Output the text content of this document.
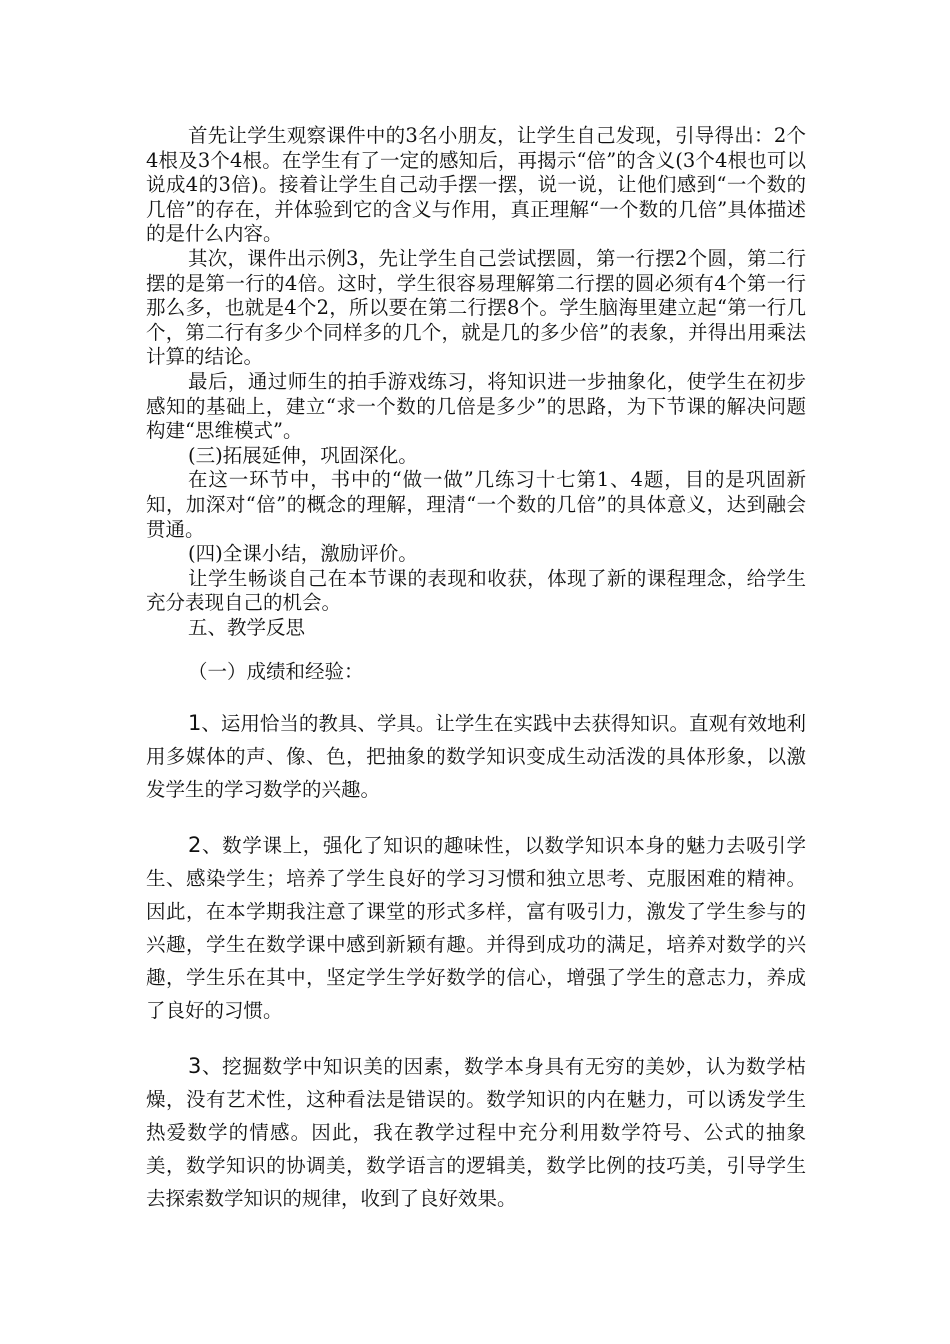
首先让学生观察课件中的3名小朋友，让学生自己发现，引导得出：2个4根及3个4根。在学生有了一定的感知后，再揭示“倍”的含义(3个4根也可以说成4的3倍)。接着让学生自己动手摆一摆，说一说，让他们感到“一个数的几倍”的存在，并体验到它的含义与作用，真正理解“一个数的几倍”具体描述的是什么内容。

其次，课件出示例3，先让学生自己尝试摆圆，第一行摆2个圆，第二行摆的是第一行的4倍。这时，学生很容易理解第二行摆的圆必须有4个第一行那么多，也就是4个2，所以要在第二行摆8个。学生脑海里建立起“第一行几个，第二行有多少个同样多的几个，就是几的多少倍”的表象，并得出用乘法计算的结论。

最后，通过师生的拍手游戏练习，将知识进一步抽象化，使学生在初步感知的基础上，建立“求一个数的几倍是多少”的思路，为下节课的解决问题构建“思维模式”。

(三)拓展延伸，巩固深化。

在这一环节中，书中的“做一做”几练习十七第1、4题，目的是巩固新知，加深对“倍”的概念的理解，理清“一个数的几倍”的具体意义，达到融会贯通。

(四)全课小结，激励评价。

让学生畅谈自己在本节课的表现和收获，体现了新的课程理念，给学生充分表现自己的机会。

五、教学反思

（一）成绩和经验：

1、运用恰当的教具、学具。让学生在实践中去获得知识。直观有效地利用多媒体的声、像、色，把抽象的数学知识变成生动活泼的具体形象，以激发学生的学习数学的兴趣。

2、数学课上，强化了知识的趣味性，以数学知识本身的魅力去吸引学生、感染学生；培养了学生良好的学习习惯和独立思考、克服困难的精神。因此，在本学期我注意了课堂的形式多样，富有吸引力，激发了学生参与的兴趣，学生在数学课中感到新颖有趣。并得到成功的满足，培养对数学的兴趣，学生乐在其中，坚定学生学好数学的信心，增强了学生的意志力，养成了良好的习惯。

3、挖掘数学中知识美的因素，数学本身具有无穷的美妙，认为数学枯燥，没有艺术性，这种看法是错误的。数学知识的内在魅力，可以诱发学生热爱数学的情感。因此，我在教学过程中充分利用数学符号、公式的抽象美，数学知识的协调美，数学语言的逻辑美，数学比例的技巧美，引导学生去探索数学知识的规律，收到了良好效果。
